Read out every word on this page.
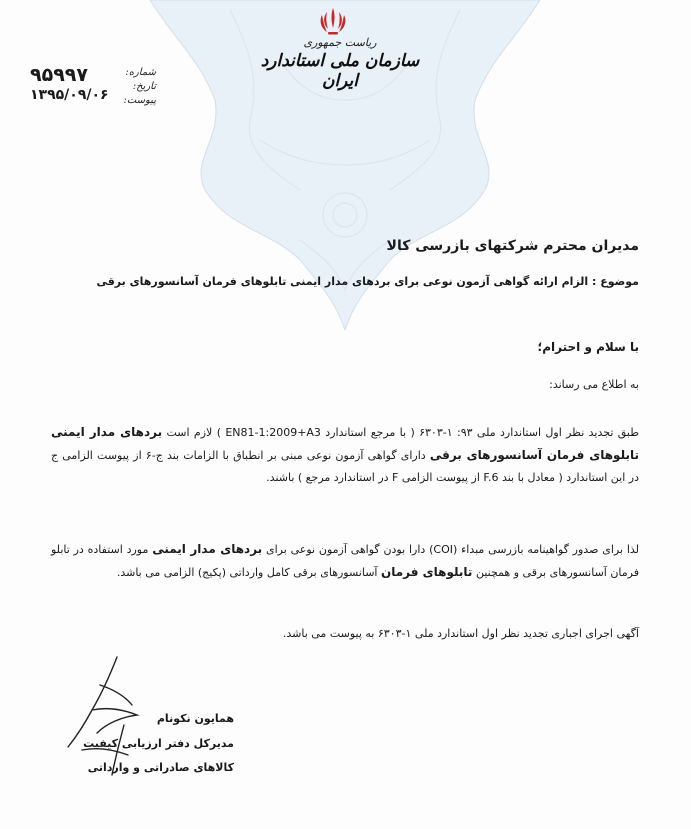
ریاست جمهوری
سازمان ملی استاندارد ایران
شماره:
تاریخ:
پیوست:
۹۵۹۹۷
۱۳۹۵/۰۹/۰۶
مدیران محترم شرکتهای بازرسی کالا
موضوع : الزام ارائه گواهی آزمون نوعی برای بردهای مدار ایمنی تابلوهای فرمان آسانسورهای برقی
با سلام و احترام؛
به اطلاع می رساند:
طبق تجدید نظر اول استاندارد ملی ۹۳: ۱-۶۳۰۳ ( با مرجع استاندارد EN81-1:2009+A3 ) لازم است بردهای مدار ایمنی تابلوهای فرمان آسانسورهای برقی دارای گواهی آزمون نوعی مبنی بر انطباق با الزامات بند ج-۶ از پیوست الزامی ج در این استاندارد ( معادل با بند F.6 از پیوست الزامی F در استاندارد مرجع ) باشند.
لذا برای صدور گواهینامه بازرسی مبداء (COI) دارا بودن گواهی آزمون نوعی برای بردهای مدار ایمنی مورد استفاده در تابلو فرمان آسانسورهای برقی و همچنین تابلوهای فرمان آسانسورهای برقی کامل وارداتی (پکیج) الزامی می باشد.
آگهی اجرای اجباری تجدید نظر اول استاندارد ملی ۱-۶۳۰۳ به پیوست می باشد.
همایون نکونام
مدیرکل دفتر ارزیابی کیفیت
کالاهای صادراتی و وارداتی
